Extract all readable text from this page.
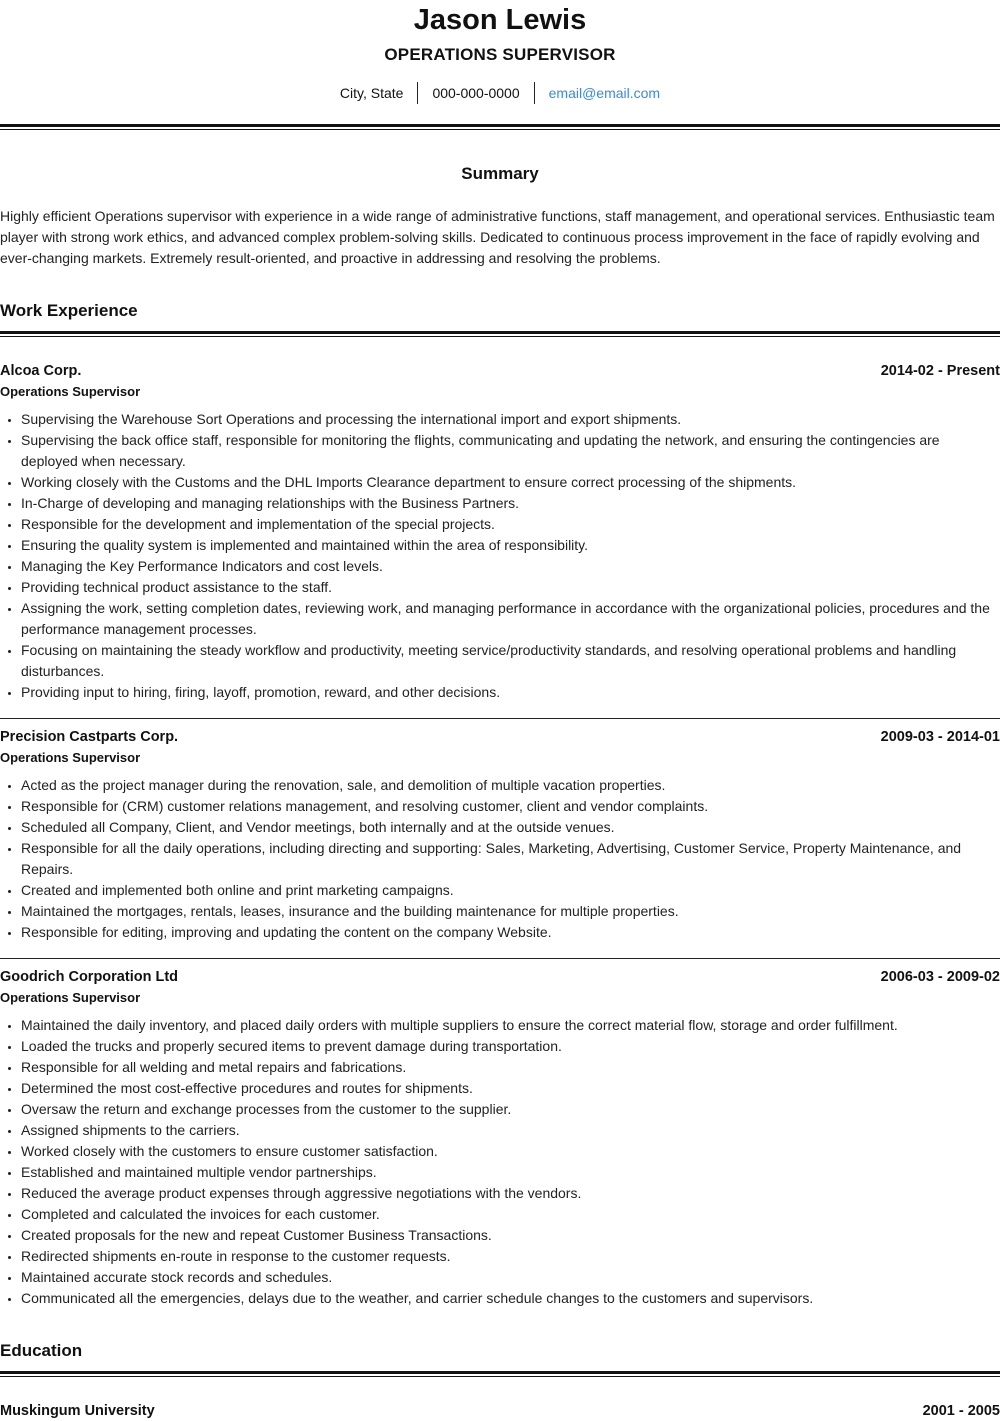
Jason Lewis
OPERATIONS SUPERVISOR
City, State	000-000-0000	email@email.com
Summary
Highly efficient Operations supervisor with experience in a wide range of administrative functions, staff management, and operational services. Enthusiastic team player with strong work ethics, and advanced complex problem-solving skills. Dedicated to continuous process improvement in the face of rapidly evolving and ever-changing markets. Extremely result-oriented, and proactive in addressing and resolving the problems.
Work Experience
Alcoa Corp.	2014-02 - Present
Operations Supervisor
• Supervising the Warehouse Sort Operations and processing the international import and export shipments.
• Supervising the back office staff, responsible for monitoring the flights, communicating and updating the network, and ensuring the contingencies are deployed when necessary.
• Working closely with the Customs and the DHL Imports Clearance department to ensure correct processing of the shipments.
• In-Charge of developing and managing relationships with the Business Partners.
• Responsible for the development and implementation of the special projects.
• Ensuring the quality system is implemented and maintained within the area of responsibility.
• Managing the Key Performance Indicators and cost levels.
• Providing technical product assistance to the staff.
• Assigning the work, setting completion dates, reviewing work, and managing performance in accordance with the organizational policies, procedures and the performance management processes.
• Focusing on maintaining the steady workflow and productivity, meeting service/productivity standards, and resolving operational problems and handling disturbances.
• Providing input to hiring, firing, layoff, promotion, reward, and other decisions.
Precision Castparts Corp.	2009-03 - 2014-01
Operations Supervisor
• Acted as the project manager during the renovation, sale, and demolition of multiple vacation properties.
• Responsible for (CRM) customer relations management, and resolving customer, client and vendor complaints.
• Scheduled all Company, Client, and Vendor meetings, both internally and at the outside venues.
• Responsible for all the daily operations, including directing and supporting: Sales, Marketing, Advertising, Customer Service, Property Maintenance, and Repairs.
• Created and implemented both online and print marketing campaigns.
• Maintained the mortgages, rentals, leases, insurance and the building maintenance for multiple properties.
• Responsible for editing, improving and updating the content on the company Website.
Goodrich Corporation Ltd	2006-03 - 2009-02
Operations Supervisor
• Maintained the daily inventory, and placed daily orders with multiple suppliers to ensure the correct material flow, storage and order fulfillment.
• Loaded the trucks and properly secured items to prevent damage during transportation.
• Responsible for all welding and metal repairs and fabrications.
• Determined the most cost-effective procedures and routes for shipments.
• Oversaw the return and exchange processes from the customer to the supplier.
• Assigned shipments to the carriers.
• Worked closely with the customers to ensure customer satisfaction.
• Established and maintained multiple vendor partnerships.
• Reduced the average product expenses through aggressive negotiations with the vendors.
• Completed and calculated the invoices for each customer.
• Created proposals for the new and repeat Customer Business Transactions.
• Redirected shipments en-route in response to the customer requests.
• Maintained accurate stock records and schedules.
• Communicated all the emergencies, delays due to the weather, and carrier schedule changes to the customers and supervisors.
Education
Muskingum University	2001 - 2005
